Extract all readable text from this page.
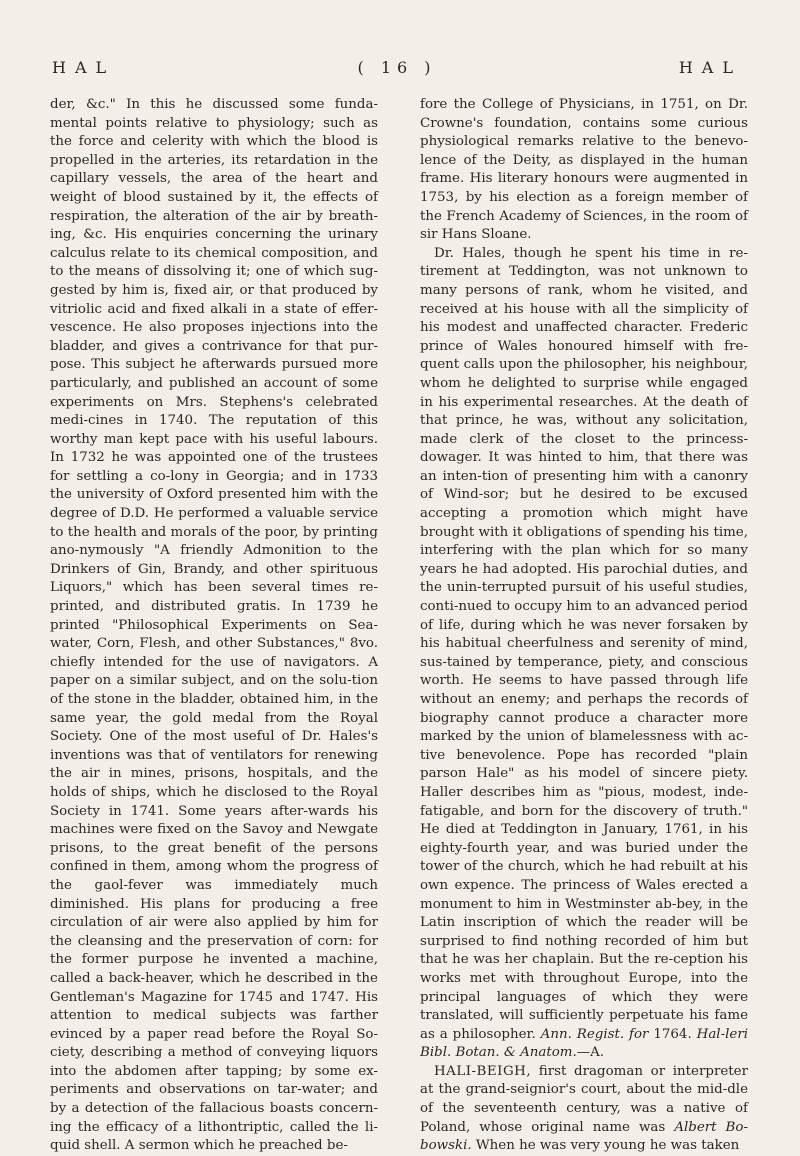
HAL	( 16 )	HAL

der, &c." In this he discussed some funda-mental points relative to physiology; such as the force and celerity with which the blood is propelled in the arteries, its retardation in the capillary vessels, the area of the heart and weight of blood sustained by it, the effects of respiration, the alteration of the air by breath-ing, &c. His enquiries concerning the urinary calculus relate to its chemical composition, and to the means of dissolving it; one of which sug-gested by him is, fixed air, or that produced by vitriolic acid and fixed alkali in a state of effer-vescence. He also proposes injections into the bladder, and gives a contrivance for that pur-pose. This subject he afterwards pursued more particularly, and published an account of some experiments on Mrs. Stephens's celebrated medi-cines in 1740. The reputation of this worthy man kept pace with his useful labours. In 1732 he was appointed one of the trustees for settling a co-lony in Georgia; and in 1733 the university of Oxford presented him with the degree of D.D. He performed a valuable service to the health and morals of the poor, by printing ano-nymously "A friendly Admonition to the Drinkers of Gin, Brandy, and other spirituous Liquors," which has been several times re-printed, and distributed gratis. In 1739 he printed "Philosophical Experiments on Sea-water, Corn, Flesh, and other Substances," 8vo. chiefly intended for the use of navigators. A paper on a similar subject, and on the solu-tion of the stone in the bladder, obtained him, in the same year, the gold medal from the Royal Society. One of the most useful of Dr. Hales's inventions was that of ventilators for renewing the air in mines, prisons, hospitals, and the holds of ships, which he disclosed to the Royal Society in 1741. Some years after-wards his machines were fixed on the Savoy and Newgate prisons, to the great benefit of the persons confined in them, among whom the progress of the gaol-fever was immediately much diminished. His plans for producing a free circulation of air were also applied by him for the cleansing and the preservation of corn: for the former purpose he invented a machine, called a back-heaver, which he described in the Gentleman's Magazine for 1745 and 1747. His attention to medical subjects was farther evinced by a paper read before the Royal So-ciety, describing a method of conveying liquors into the abdomen after tapping; by some ex-periments and observations on tar-water; and by a detection of the fallacious boasts concern-ing the efficacy of a lithontriptic, called the li-quid shell. A sermon which he preached be-

fore the College of Physicians, in 1751, on Dr. Crowne's foundation, contains some curious physiological remarks relative to the benevo-lence of the Deity, as displayed in the human frame. His literary honours were augmented in 1753, by his election as a foreign member of the French Academy of Sciences, in the room of sir Hans Sloane.

Dr. Hales, though he spent his time in re-tirement at Teddington, was not unknown to many persons of rank, whom he visited, and received at his house with all the simplicity of his modest and unaffected character. Frederic prince of Wales honoured himself with fre-quent calls upon the philosopher, his neighbour, whom he delighted to surprise while engaged in his experimental researches. At the death of that prince, he was, without any solicitation, made clerk of the closet to the princess-dowager. It was hinted to him, that there was an inten-tion of presenting him with a canonry of Wind-sor; but he desired to be excused accepting a promotion which might have brought with it obligations of spending his time, interfering with the plan which for so many years he had adopted. His parochial duties, and the unin-terrupted pursuit of his useful studies, conti-nued to occupy him to an advanced period of life, during which he was never forsaken by his habitual cheerfulness and serenity of mind, sus-tained by temperance, piety, and conscious worth. He seems to have passed through life without an enemy; and perhaps the records of biography cannot produce a character more marked by the union of blamelessness with ac-tive benevolence. Pope has recorded "plain parson Hale" as his model of sincere piety. Haller describes him as "pious, modest, inde-fatigable, and born for the discovery of truth." He died at Teddington in January, 1761, in his eighty-fourth year, and was buried under the tower of the church, which he had rebuilt at his own expence. The princess of Wales erected a monument to him in Westminster ab-bey, in the Latin inscription of which the reader will be surprised to find nothing recorded of him but that he was her chaplain. But the re-ception his works met with throughout Europe, into the principal languages of which they were translated, will sufficiently perpetuate his fame as a philosopher. Ann. Regist. for 1764. Hal-leri Bibl. Botan. & Anatom.—A.

HALI-BEIGH, first dragoman or interpreter at the grand-seignior's court, about the mid-dle of the seventeenth century, was a native of Poland, whose original name was Albert Bo-bowski. When he was very young he was taken
